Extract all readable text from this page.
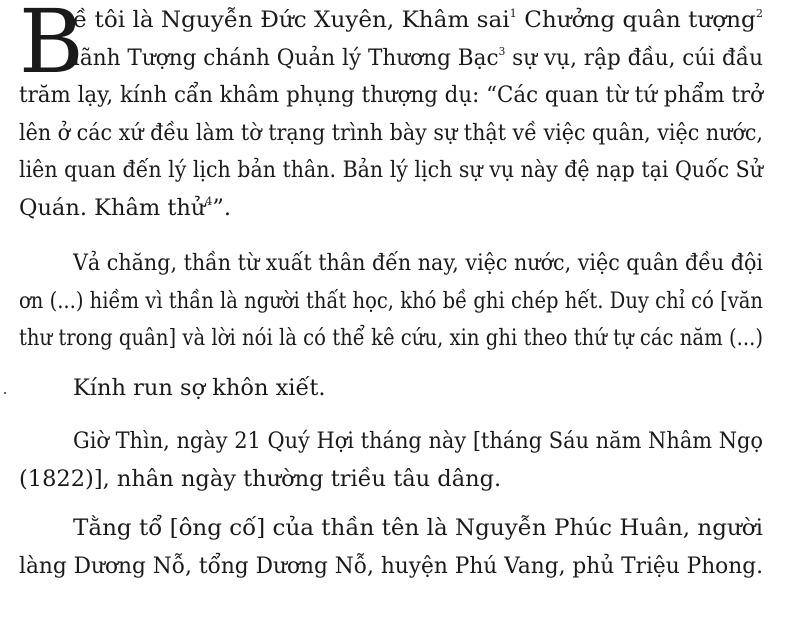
B
ề tôi là Nguyễn Đức Xuyên, Khâm sai$^1$ Chưởng quân tượng$^2$
lãnh Tượng chánh Quản lý Thương Bạc$^3$ sự vụ, rập đầu, cúi đầu
trăm lạy, kính cẩn khâm phụng thượng dụ: “Các quan từ tứ phẩm trở
lên ở các xứ đều làm tờ trạng trình bày sự thật về việc quân, việc nước,
liên quan đến lý lịch bản thân. Bản lý lịch sự vụ này đệ nạp tại Quốc Sử
Quán. Khâm thử$^4$”.
Vả chăng, thần từ xuất thân đến nay, việc nước, việc quân đều đội
ơn (...) hiềm vì thần là người thất học, khó bề ghi chép hết. Duy chỉ có [văn
thư trong quân] và lời nói là có thể kê cứu, xin ghi theo thứ tự các năm (...)
Kính run sợ khôn xiết.
Giờ Thìn, ngày 21 Quý Hợi tháng này [tháng Sáu năm Nhâm Ngọ
(1822)], nhân ngày thường triều tâu dâng.
Tằng tổ [ông cố] của thần tên là Nguyễn Phúc Huân, người
làng Dương Nỗ, tổng Dương Nỗ, huyện Phú Vang, phủ Triệu Phong.
